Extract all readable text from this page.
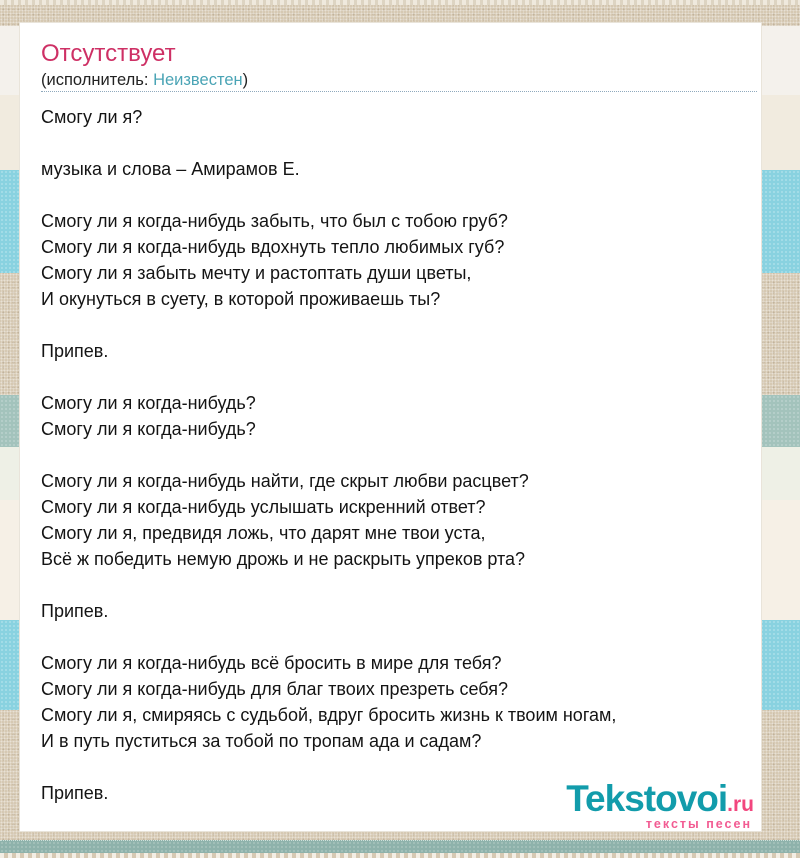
Отсутствует
(исполнитель: Неизвестен)
Смогу ли я?

музыка и слова – Амирамов Е.

Смогу ли я когда-нибудь забыть, что был с тобою груб?
Смогу ли я когда-нибудь вдохнуть тепло любимых губ?
Смогу ли я забыть мечту и растоптать души цветы,
И окунуться в суету, в которой проживаешь ты?

Припев.

Смогу ли я когда-нибудь?
Смогу ли я когда-нибудь?

Смогу ли я когда-нибудь найти, где скрыт любви расцвет?
Смогу ли я когда-нибудь услышать искренний ответ?
Смогу ли я, предвидя ложь, что дарят мне твои уста,
Всё ж победить немую дрожь и не раскрыть упреков рта?

Припев.

Смогу ли я когда-нибудь всё бросить в мире для тебя?
Смогу ли я когда-нибудь для благ твоих презреть себя?
Смогу ли я, смиряясь с судьбой, вдруг бросить жизнь к твоим ногам,
И в путь пуститься за тобой по тропам ада и садам?

Припев.	Tekstovoi.ru
тексты песен
